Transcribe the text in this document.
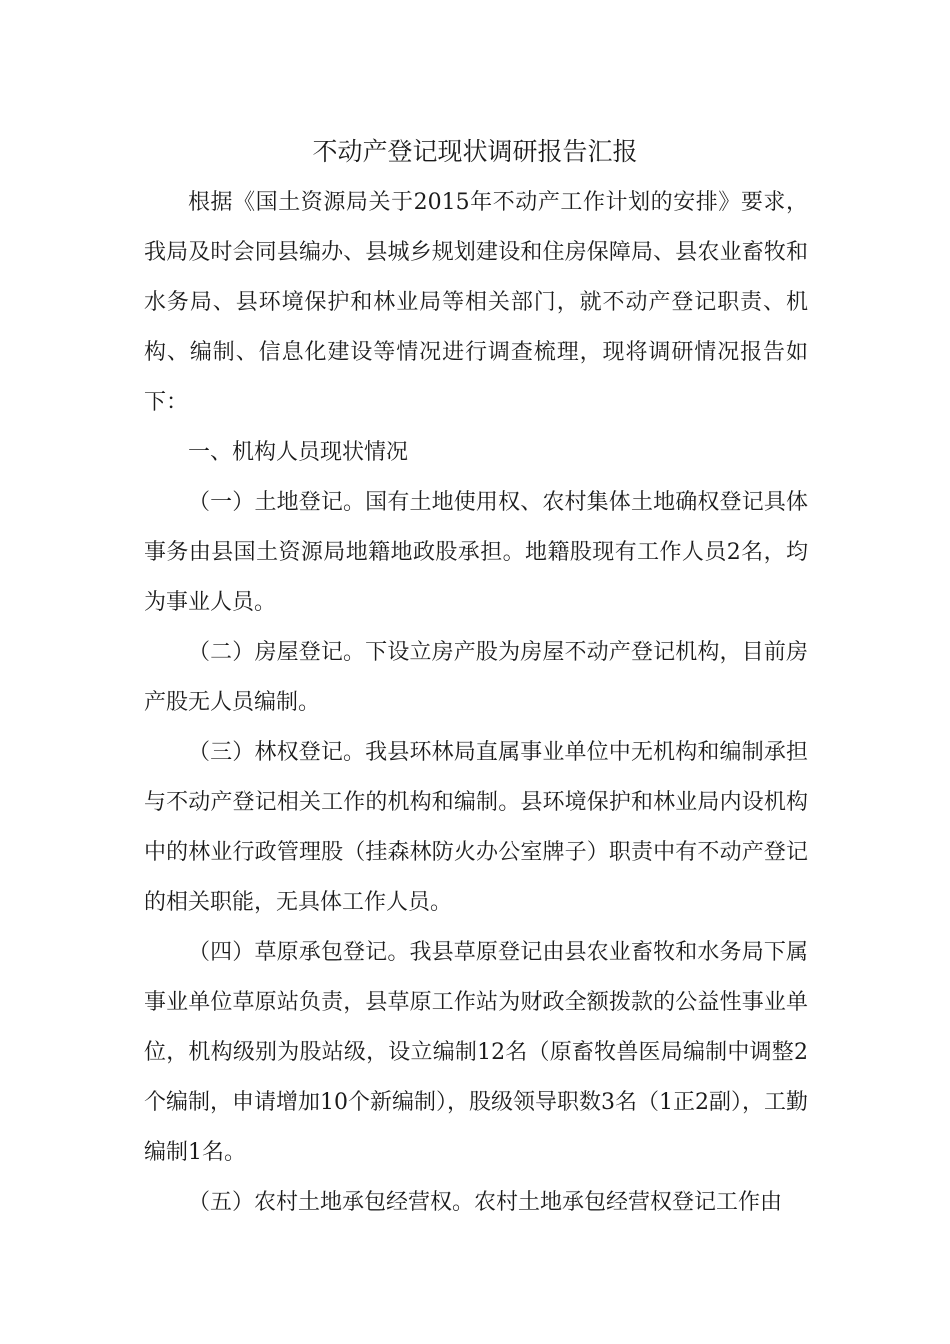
不动产登记现状调研报告汇报

根据《国土资源局关于2015年不动产工作计划的安排》要求，我局及时会同县编办、县城乡规划建设和住房保障局、县农业畜牧和水务局、县环境保护和林业局等相关部门，就不动产登记职责、机构、编制、信息化建设等情况进行调查梳理，现将调研情况报告如下：

一、机构人员现状情况

（一）土地登记。国有土地使用权、农村集体土地确权登记具体事务由县国土资源局地籍地政股承担。地籍股现有工作人员2名，均为事业人员。

（二）房屋登记。下设立房产股为房屋不动产登记机构，目前房产股无人员编制。

（三）林权登记。我县环林局直属事业单位中无机构和编制承担与不动产登记相关工作的机构和编制。县环境保护和林业局内设机构中的林业行政管理股（挂森林防火办公室牌子）职责中有不动产登记的相关职能，无具体工作人员。

（四）草原承包登记。我县草原登记由县农业畜牧和水务局下属事业单位草原站负责，县草原工作站为财政全额拨款的公益性事业单位，机构级别为股站级，设立编制12名（原畜牧兽医局编制中调整2个编制，申请增加10个新编制），股级领导职数3名（1正2副），工勤编制1名。

（五）农村土地承包经营权。农村土地承包经营权登记工作由
